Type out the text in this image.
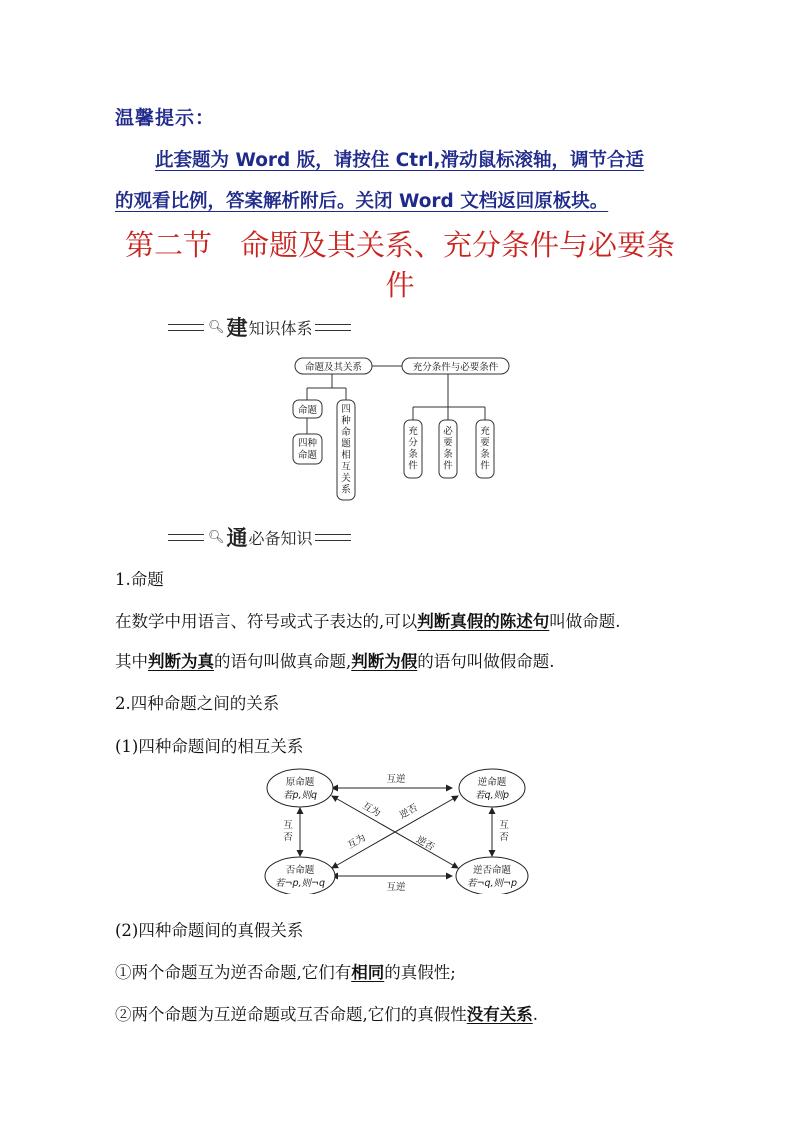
温馨提示：
此套题为 Word 版，请按住 Ctrl,滑动鼠标滚轴，调节合适
的观看比例，答案解析附后。关闭 Word 文档返回原板块。
第二节 命题及其关系、充分条件与必要条
件
🔍︎ 建 知识体系
命题及其关系	充分条件与必要条件
命题
四种命题
四种命题相互关系
充分条件
必要条件
充要条件
🔍︎ 通 必备知识
1.命题
在数学中用语言、符号或式子表达的,可以判断真假的陈述句叫做命题.
其中判断为真的语句叫做真命题,判断为假的语句叫做假命题.
2.四种命题之间的关系
(1)四种命题间的相互关系
原命题
若p,则q
逆命题
若q,则p
否命题
若¬p,则¬q
逆否命题
若¬q,则¬p
互逆
互逆
互
否
互
否
互为
逆否
互为
逆否
(2)四种命题间的真假关系
①两个命题互为逆否命题,它们有相同的真假性;
②两个命题为互逆命题或互否命题,它们的真假性没有关系.
